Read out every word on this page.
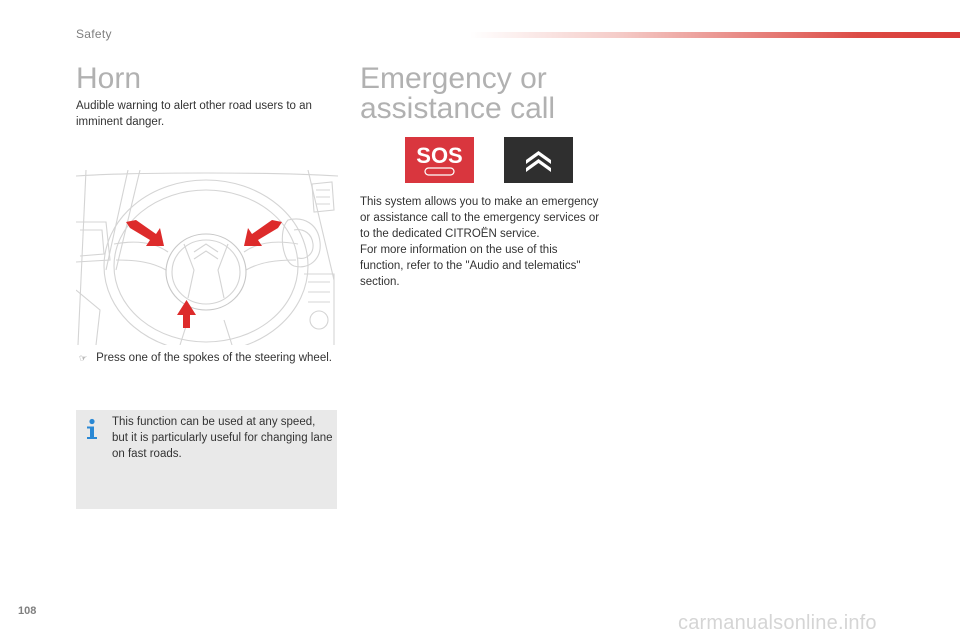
Safety
Horn

Audible warning to alert other road users to an imminent danger.

☞ Press one of the spokes of the steering wheel.
This function can be used at any speed, but it is particularly useful for changing lane on fast roads.
Emergency or assistance call
SOS
This system allows you to make an emergency
or assistance call to the emergency services or
to the dedicated CITROËN service.
For more information on the use of this
function, refer to the "Audio and telematics"
section.
108
carmanualsonline.info
